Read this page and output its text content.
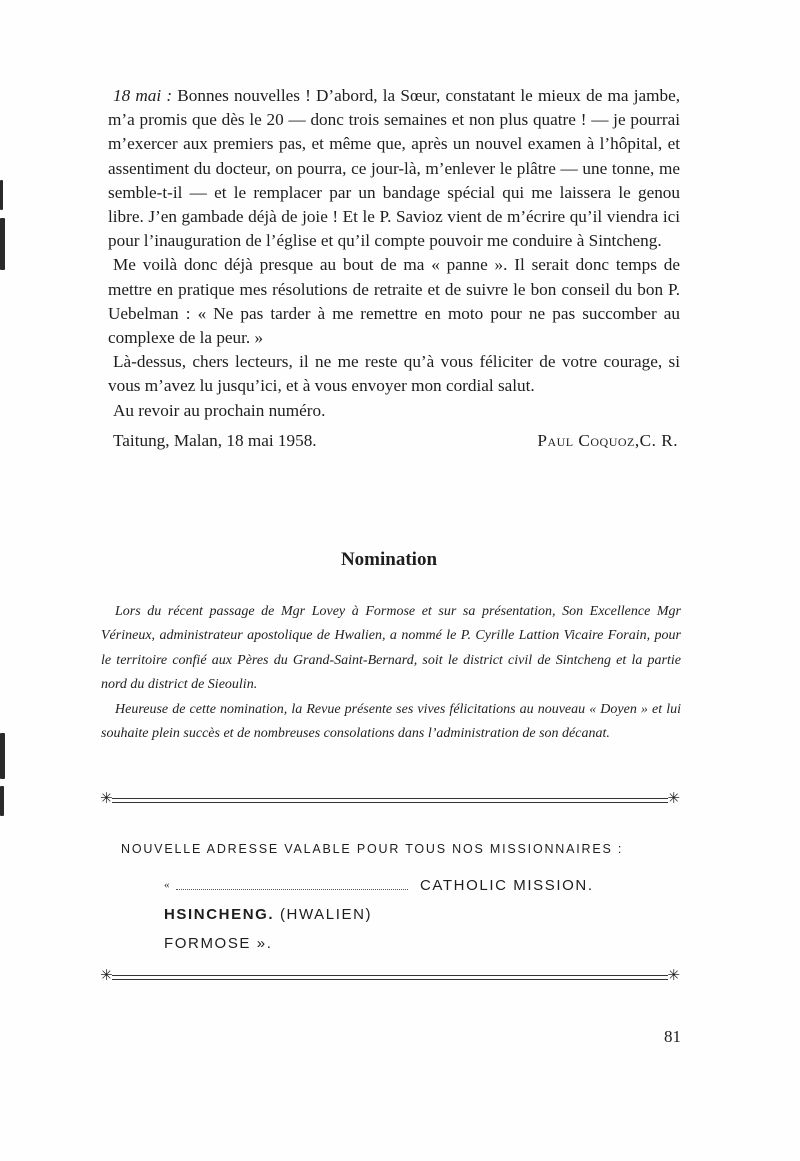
18 mai : Bonnes nouvelles ! D’abord, la Sœur, constatant le mieux de ma jambe, m’a promis que dès le 20 — donc trois semaines et non plus quatre ! — je pourrai m’exercer aux premiers pas, et même que, après un nouvel examen à l’hôpital, et assentiment du docteur, on pourra, ce jour-là, m’enlever le plâtre — une tonne, me semble-t-il — et le remplacer par un bandage spécial qui me laissera le genou libre. J’en gambade déjà de joie ! Et le P. Savioz vient de m’écrire qu’il viendra ici pour l’inauguration de l’église et qu’il compte pouvoir me conduire à Sintcheng.

Me voilà donc déjà presque au bout de ma « panne ». Il serait donc temps de mettre en pratique mes résolutions de retraite et de suivre le bon conseil du bon P. Uebelman : « Ne pas tarder à me remettre en moto pour ne pas succomber au complexe de la peur. »

Là-dessus, chers lecteurs, il ne me reste qu’à vous féliciter de votre courage, si vous m’avez lu jusqu’ici, et à vous envoyer mon cordial salut.

Au revoir au prochain numéro.

Taitung, Malan, 18 mai 1958.	Paul Coquoz,C. R.
Nomination

Lors du récent passage de Mgr Lovey à Formose et sur sa présentation, Son Excellence Mgr Vérineux, administrateur apostolique de Hwalien, a nommé le P. Cyrille Lattion Vicaire Forain, pour le territoire confié aux Pères du Grand-Saint-Bernard, soit le district civil de Sintcheng et la partie nord du district de Sieoulin.

Heureuse de cette nomination, la Revue présente ses vives félicitations au nouveau « Doyen » et lui souhaite plein succès et de nombreuses consolations dans l’administration de son décanat.

✳	✳
NOUVELLE ADRESSE VALABLE POUR TOUS NOS MISSIONNAIRES :
«	CATHOLIC MISSION.
HSINCHENG. (HWALIEN)
FORMOSE ».
✳	✳
81
